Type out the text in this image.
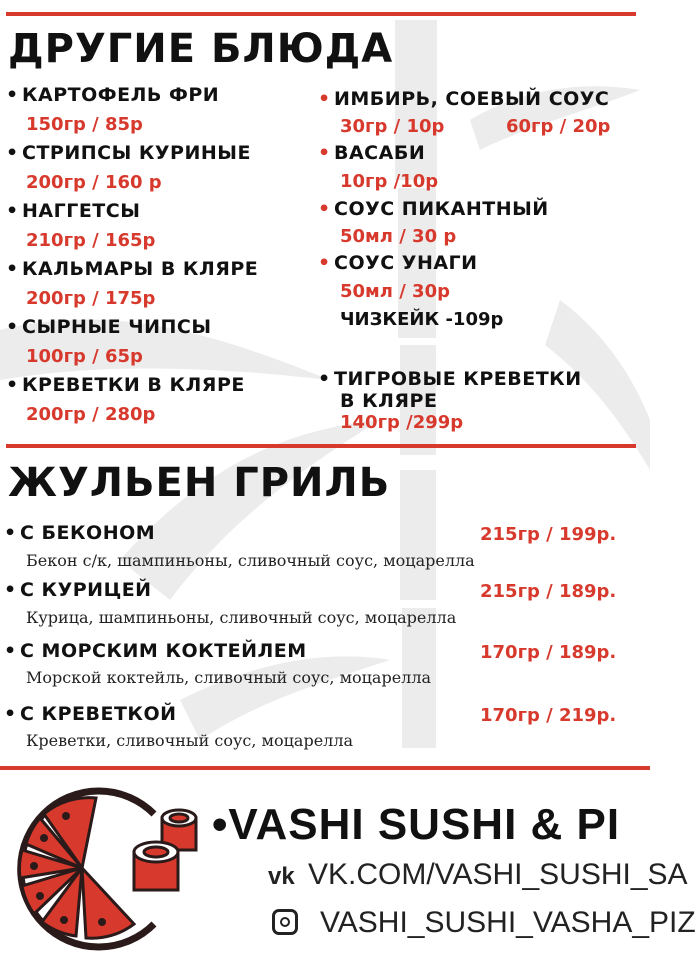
ДРУГИЕ БЛЮДА
• КАРТОФЕЛЬ ФРИ
150гр / 85р
• СТРИПСЫ КУРИНЫЕ
200гр / 160 р
• НАГГЕТСЫ
210гр / 165р
• КАЛЬМАРЫ В КЛЯРЕ
200гр / 175р
• СЫРНЫЕ ЧИПСЫ
100гр / 65р
• КРЕВЕТКИ В КЛЯРЕ
200гр / 280р
• ИМБИРЬ, СОЕВЫЙ СОУС
30гр / 10р	60гр / 20р
• ВАСАБИ
10гр /10р
• СОУС ПИКАНТНЫЙ
50мл / 30 р
• СОУС УНАГИ
50мл / 30р
ЧИЗКЕЙК -109р
• ТИГРОВЫЕ КРЕВЕТКИ
В КЛЯРЕ
140гр /299р
ЖУЛЬЕН ГРИЛЬ
• С БЕКОНОМ	215гр / 199р.
Бекон с/к, шампиньоны, сливочный соус, моцарелла
• С КУРИЦЕЙ	215гр / 189р.
Курица, шампиньоны, сливочный соус, моцарелла
• С МОРСКИМ КОКТЕЙЛЕМ	170гр / 189р.
Морской коктейль, сливочный соус, моцарелла
• С КРЕВЕТКОЙ	170гр / 219р.
Креветки, сливочный соус, моцарелла
•VASHI SUSHI & PI
vk VK.COM/VASHI_SUSHI_SA
VASHI_SUSHI_VASHA_PIZ
